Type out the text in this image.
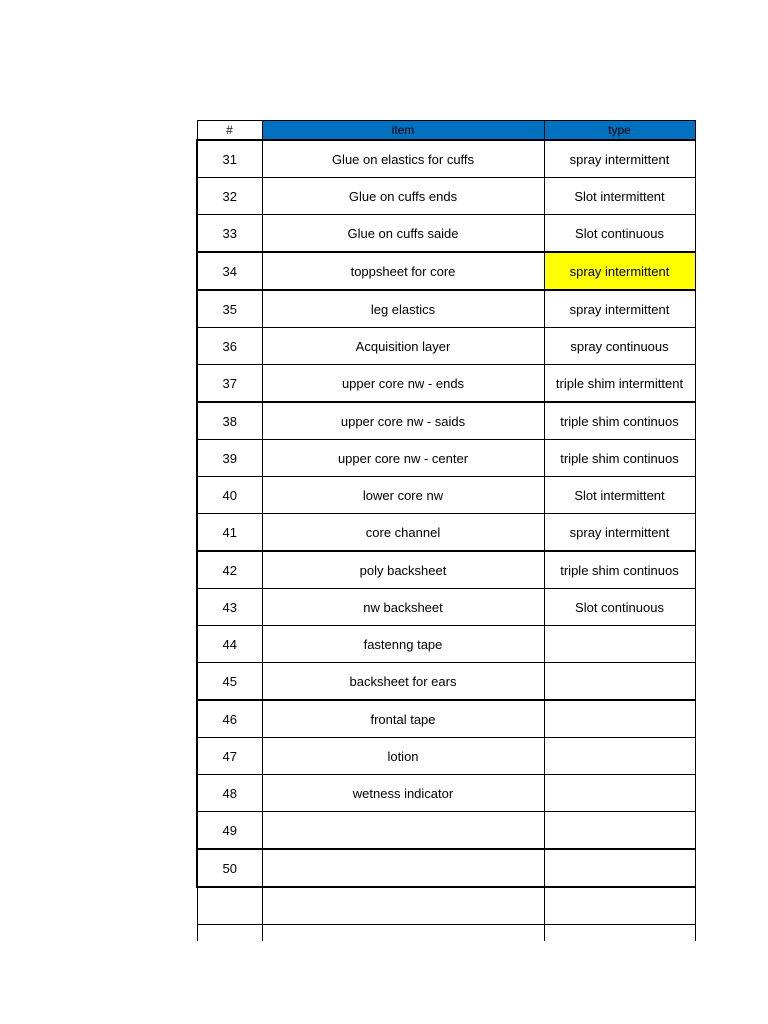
#	item	type
31	Glue on elastics for cuffs	spray intermittent
32	Glue on cuffs ends	Slot intermittent
33	Glue on cuffs saide	Slot continuous
34	toppsheet for core	spray intermittent
35	leg elastics	spray intermittent
36	Acquisition layer	spray continuous
37	upper core nw - ends	triple shim intermittent
38	upper core nw - saids	triple shim continuos
39	upper core nw - center	triple shim continuos
40	lower core nw	Slot intermittent
41	core channel	spray intermittent
42	poly backsheet	triple shim continuos
43	nw backsheet	Slot continuous
44	fastenng tape	
45	backsheet for ears	
46	frontal tape	
47	lotion	
48	wetness indicator	
49		
50		
